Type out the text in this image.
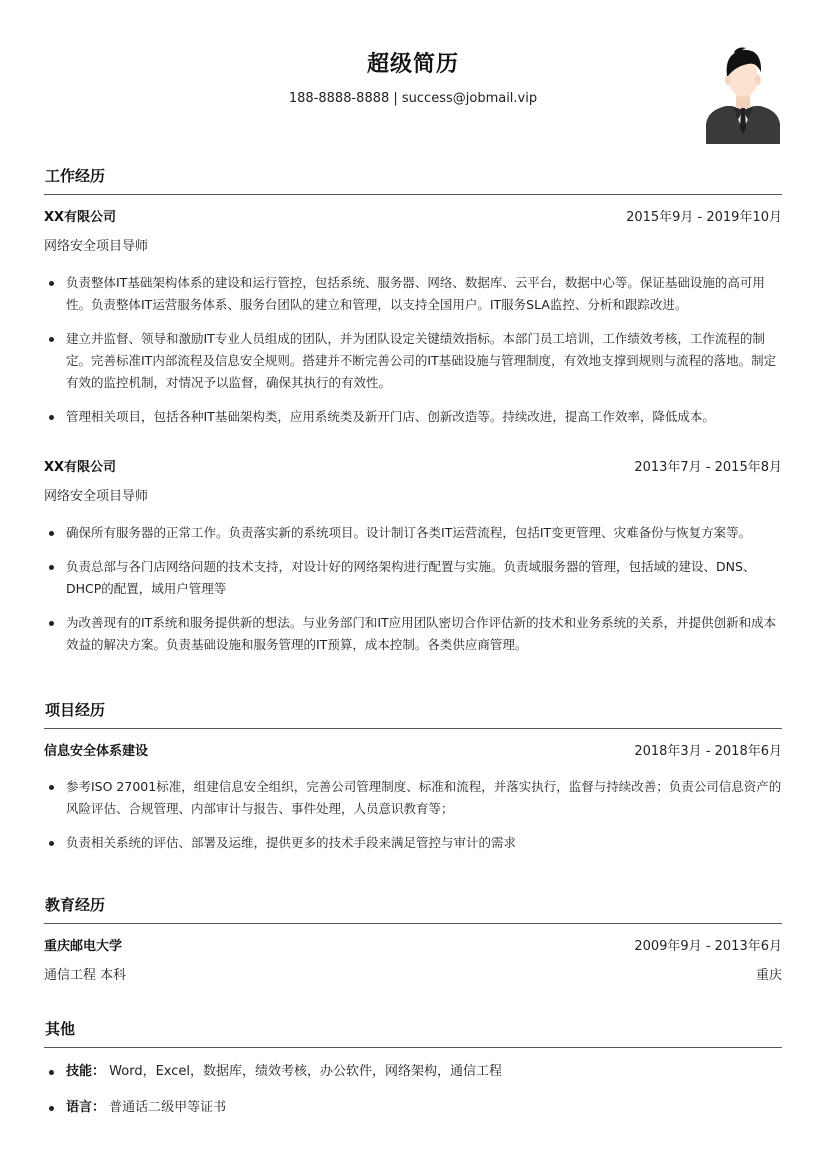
超级简历
188-8888-8888 | success@jobmail.vip
工作经历
XX有限公司	2015年9月 - 2019年10月
网络安全项目导师
负责整体IT基础架构体系的建设和运行管控，包括系统、服务器、网络、数据库、云平台，数据中心等。保证基础设施的高可用性。负责整体IT运营服务体系、服务台团队的建立和管理，以支持全国用户。IT服务SLA监控、分析和跟踪改进。
建立并监督、领导和激励IT专业人员组成的团队，并为团队设定关键绩效指标。本部门员工培训，工作绩效考核，工作流程的制定。完善标准IT内部流程及信息安全规则。搭建并不断完善公司的IT基础设施与管理制度，有效地支撑到规则与流程的落地。制定有效的监控机制，对情况予以监督，确保其执行的有效性。
管理相关项目，包括各种IT基础架构类，应用系统类及新开门店、创新改造等。持续改进，提高工作效率，降低成本。
XX有限公司	2013年7月 - 2015年8月
网络安全项目导师
确保所有服务器的正常工作。负责落实新的系统项目。设计制订各类IT运营流程，包括IT变更管理、灾难备份与恢复方案等。
负责总部与各门店网络问题的技术支持，对设计好的网络架构进行配置与实施。负责域服务器的管理，包括域的建设、DNS、DHCP的配置，域用户管理等
为改善现有的IT系统和服务提供新的想法。与业务部门和IT应用团队密切合作评估新的技术和业务系统的关系，并提供创新和成本效益的解决方案。负责基础设施和服务管理的IT预算，成本控制。各类供应商管理。
项目经历
信息安全体系建设	2018年3月 - 2018年6月
参考ISO 27001标准，组建信息安全组织，完善公司管理制度、标准和流程，并落实执行，监督与持续改善；负责公司信息资产的风险评估、合规管理、内部审计与报告、事件处理，人员意识教育等；
负责相关系统的评估、部署及运维，提供更多的技术手段来满足管控与审计的需求
教育经历
重庆邮电大学	2009年9月 - 2013年6月
通信工程 本科	重庆
其他
技能： Word，Excel，数据库，绩效考核，办公软件，网络架构，通信工程
语言： 普通话二级甲等证书
